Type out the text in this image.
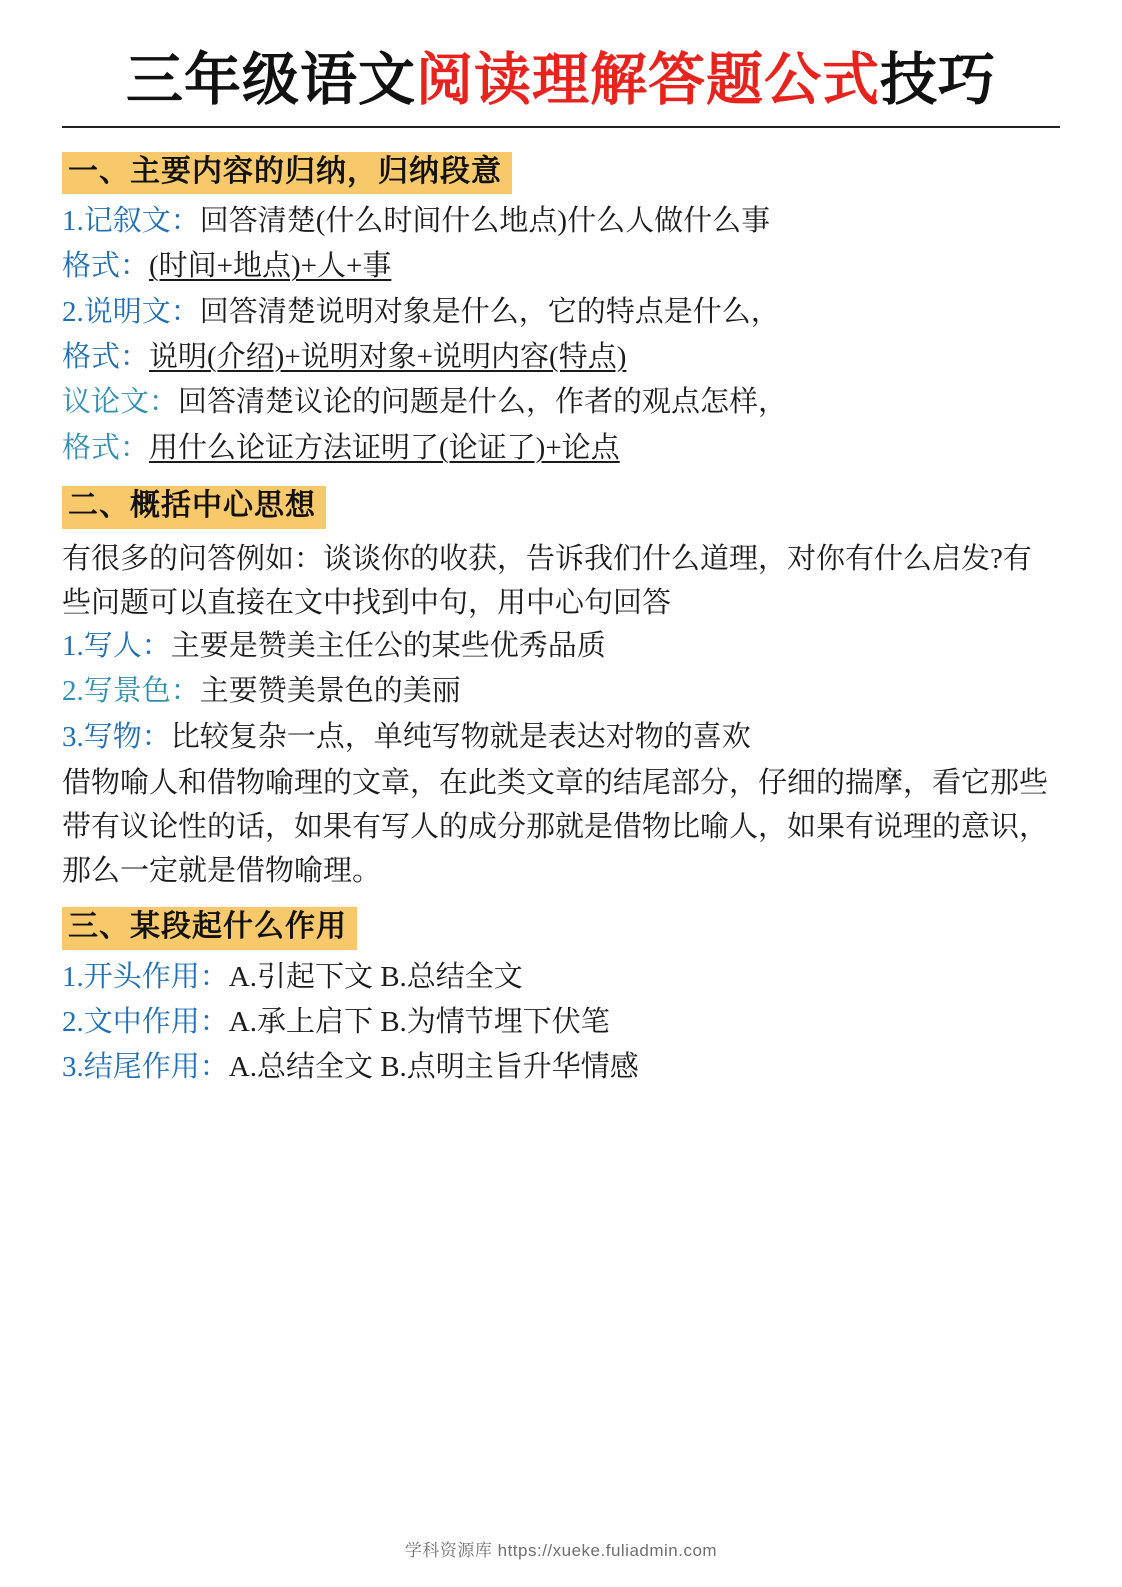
三年级语文阅读理解答题公式技巧
一、主要内容的归纳，归纳段意
1.记叙文：回答清楚(什么时间什么地点)什么人做什么事
格式：(时间+地点)+人+事
2.说明文：回答清楚说明对象是什么，它的特点是什么，
格式：说明(介绍)+说明对象+说明内容(特点)
议论文：回答清楚议论的问题是什么，作者的观点怎样，
格式：用什么论证方法证明了(论证了)+论点
二、概括中心思想
有很多的问答例如：谈谈你的收获，告诉我们什么道理，对你有什么启发?有些问题可以直接在文中找到中句，用中心句回答
1.写人：主要是赞美主任公的某些优秀品质
2.写景色：主要赞美景色的美丽
3.写物：比较复杂一点，单纯写物就是表达对物的喜欢
借物喻人和借物喻理的文章，在此类文章的结尾部分，仔细的揣摩，看它那些带有议论性的话，如果有写人的成分那就是借物比喻人，如果有说理的意识，那么一定就是借物喻理。
三、某段起什么作用
1.开头作用：A.引起下文 B.总结全文
2.文中作用：A.承上启下 B.为情节埋下伏笔
3.结尾作用：A.总结全文 B.点明主旨升华情感
学科资源库 https://xueke.fuliadmin.com
